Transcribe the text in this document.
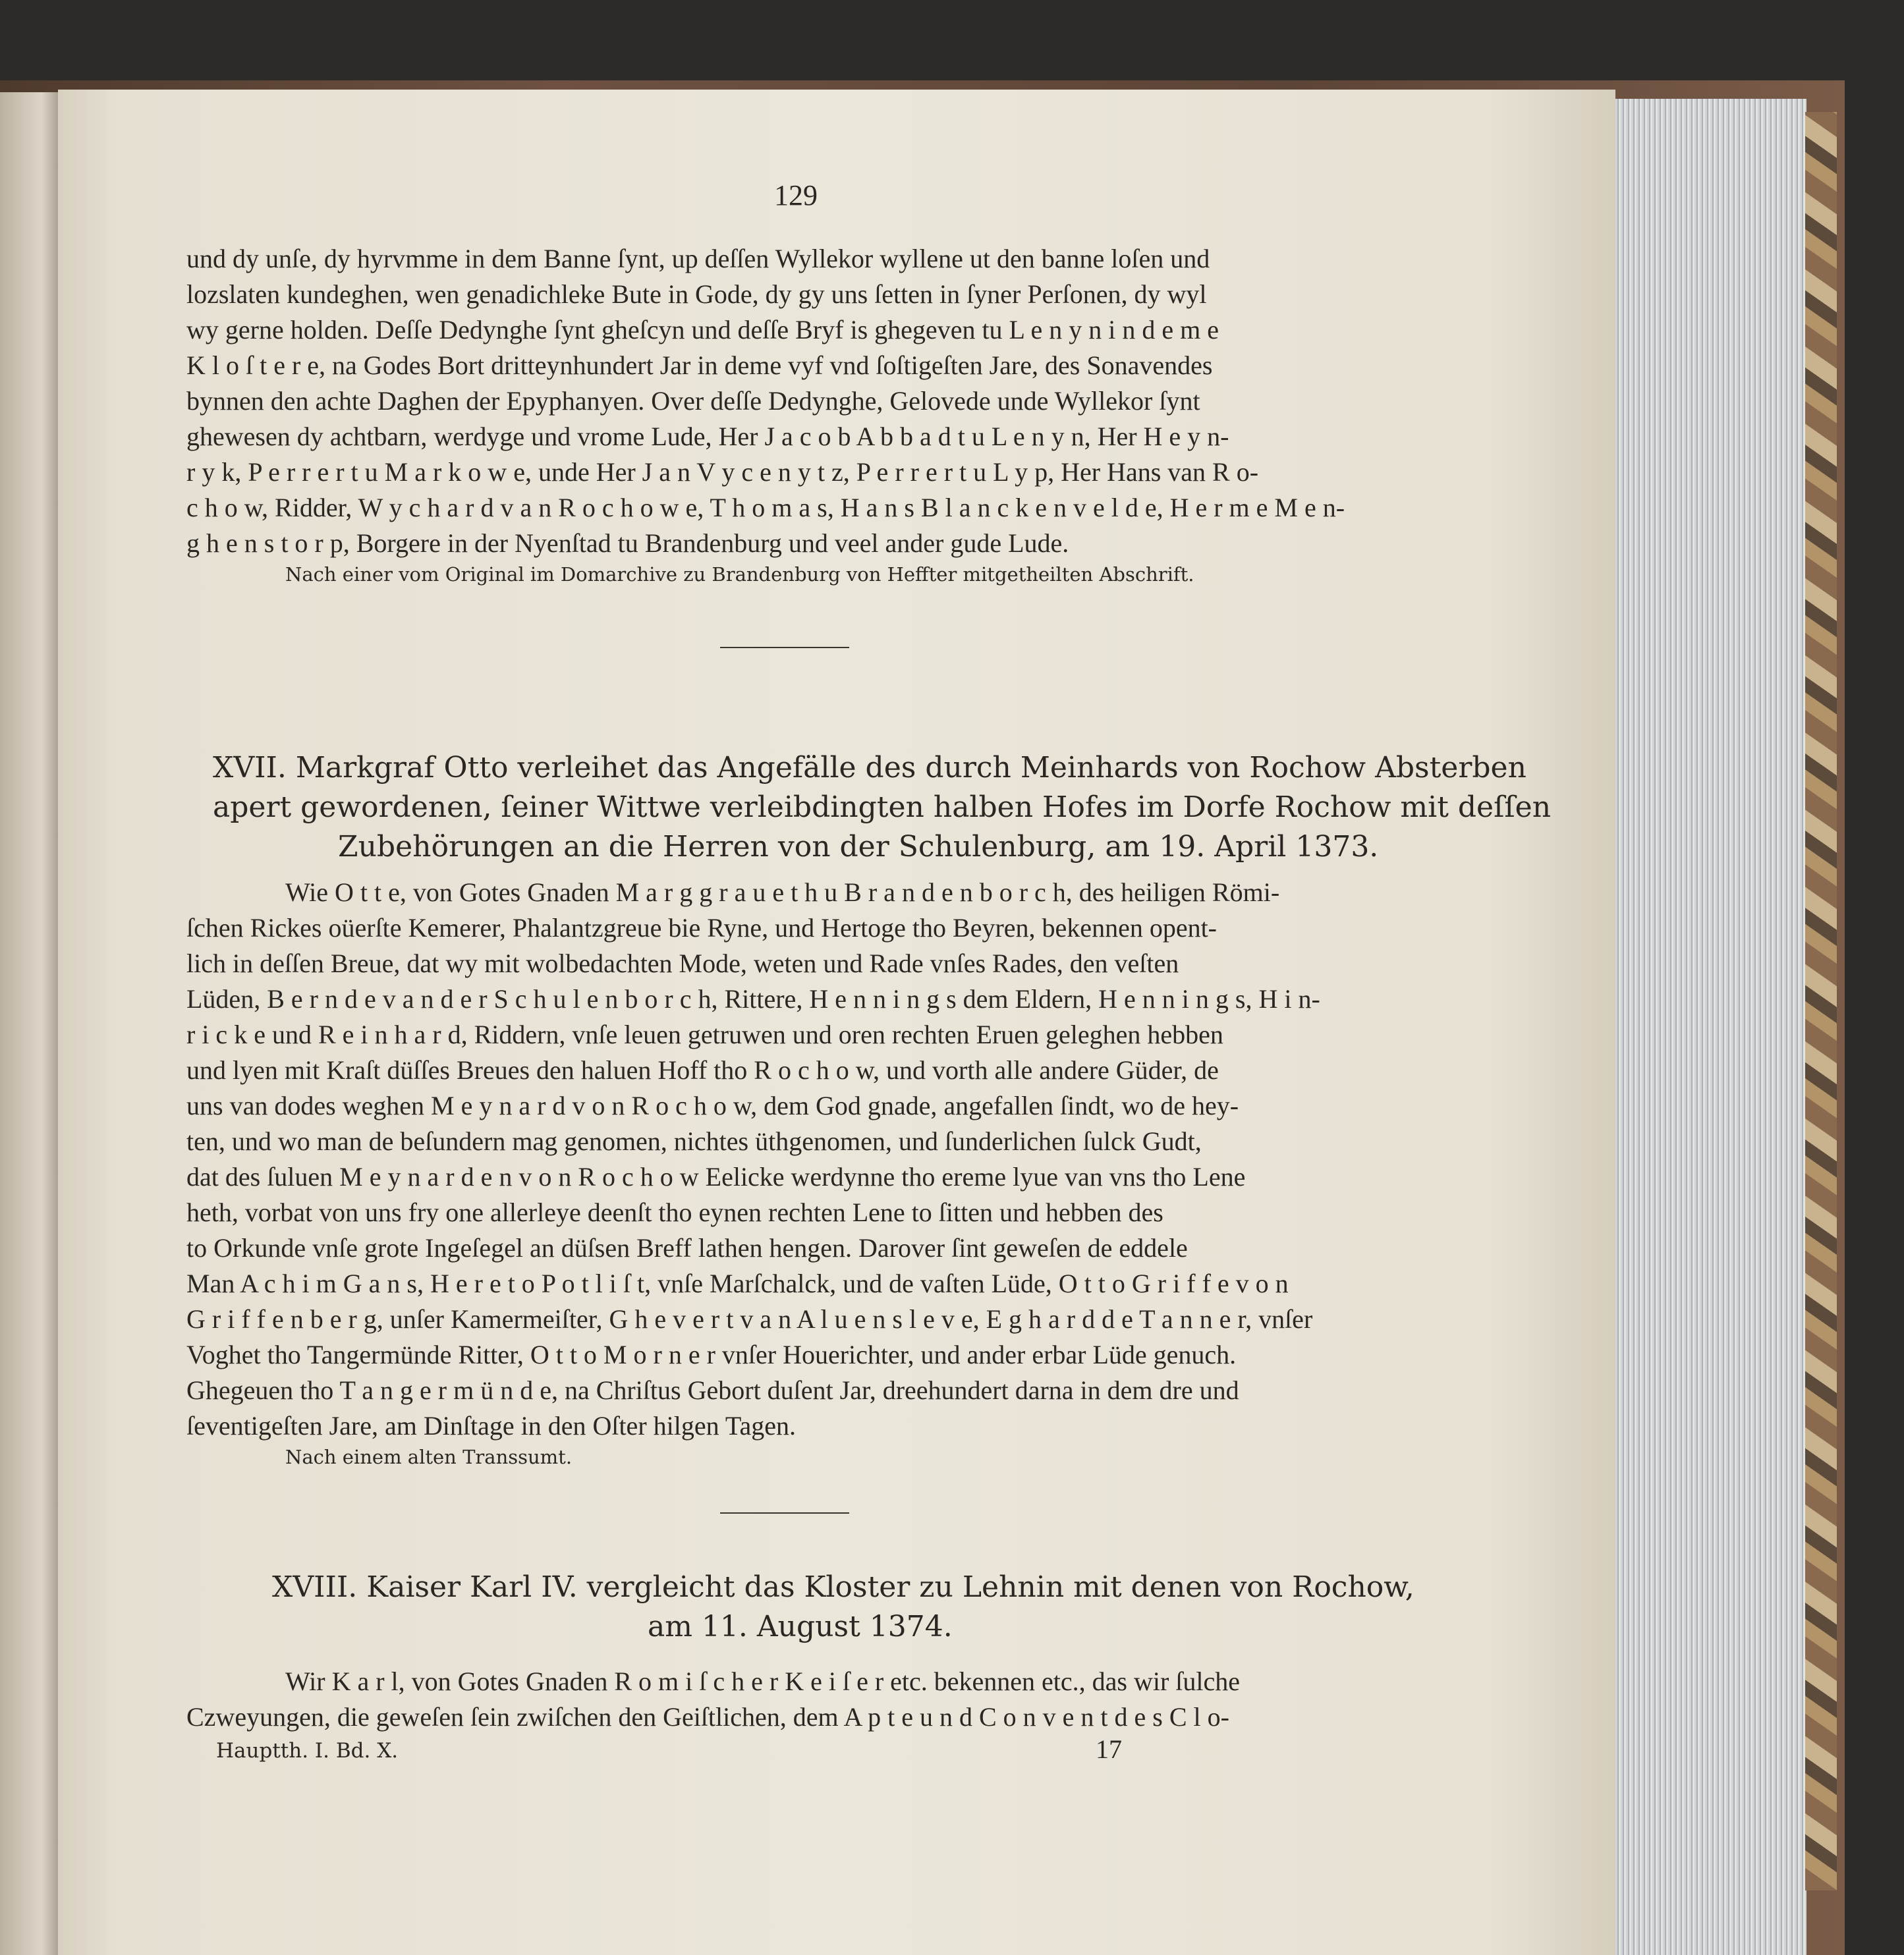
129
und dy unſe, dy hyrvmme in dem Banne ſynt, up deſſen Wyllekor wyllene ut den banne loſen und
lozslaten kundeghen, wen genadichleke Bute in Gode, dy gy uns ſetten in ſyner Perſonen, dy wyl
wy gerne holden. Deſſe Dedynghe ſynt gheſcyn und deſſe Bryf is ghegeven tu L e n y n i n d e m e
K l o ſ t e r e, na Godes Bort dritteynhundert Jar in deme vyf vnd ſoſtigeſten Jare, des Sonavendes
bynnen den achte Daghen der Epyphanyen. Over deſſe Dedynghe, Gelovede unde Wyllekor ſynt
ghewesen dy achtbarn, werdyge und vrome Lude, Her J a c o b A b b a d t u L e n y n, Her H e y n-
r y k, P e r r e r t u M a r k o w e, unde Her J a n V y c e n y t z, P e r r e r t u L y p, Her Hans van R o-
c h o w, Ridder, W y c h a r d v a n R o c h o w e, T h o m a s, H a n s B l a n c k e n v e l d e, H e r m e M e n-
g h e n s t o r p, Borgere in der Nyenſtad tu Brandenburg und veel ander gude Lude.
Nach einer vom Original im Domarchive zu Brandenburg von Heffter mitgetheilten Abschrift.
XVII. Markgraf Otto verleihet das Angefälle des durch Meinhards von Rochow Absterben
apert gewordenen, ſeiner Wittwe verleibdingten halben Hofes im Dorfe Rochow mit deſſen
Zubehörungen an die Herren von der Schulenburg, am 19. April 1373.
Wie O t t e, von Gotes Gnaden M a r g g r a u e t h u B r a n d e n b o r c h, des heiligen Römi-
ſchen Rickes oüerſte Kemerer, Phalantzgreue bie Ryne, und Hertoge tho Beyren, bekennen opent-
lich in deſſen Breue, dat wy mit wolbedachten Mode, weten und Rade vnſes Rades, den veſten
Lüden, B e r n d e v a n d e r S c h u l e n b o r c h, Rittere, H e n n i n g s dem Eldern, H e n n i n g s, H i n-
r i c k e und R e i n h a r d, Riddern, vnſe leuen getruwen und oren rechten Eruen geleghen hebben
und lyen mit Kraſt düſſes Breues den haluen Hoff tho R o c h o w, und vorth alle andere Güder, de
uns van dodes weghen M e y n a r d v o n R o c h o w, dem God gnade, angefallen ſindt, wo de hey-
ten, und wo man de beſundern mag genomen, nichtes üthgenomen, und ſunderlichen ſulck Gudt,
dat des ſuluen M e y n a r d e n v o n R o c h o w Eelicke werdynne tho ereme lyue van vns tho Lene
heth, vorbat von uns fry one allerleye deenſt tho eynen rechten Lene to ſitten und hebben des
to Orkunde vnſe grote Ingeſegel an düſsen Breff lathen hengen. Darover ſint geweſen de eddele
Man A c h i m G a n s, H e r e t o P o t l i ſ t, vnſe Marſchalck, und de vaſten Lüde, O t t o G r i f f e v o n
G r i f f e n b e r g, unſer Kamermeiſter, G h e v e r t v a n A l u e n s l e v e, E g h a r d d e T a n n e r, vnſer
Voghet tho Tangermünde Ritter, O t t o M o r n e r vnſer Houerichter, und ander erbar Lüde genuch.
Ghegeuen tho T a n g e r m ü n d e, na Chriſtus Gebort duſent Jar, dreehundert darna in dem dre und
ſeventigeſten Jare, am Dinſtage in den Oſter hilgen Tagen.
Nach einem alten Transsumt.
XVIII. Kaiser Karl IV. vergleicht das Kloster zu Lehnin mit denen von Rochow,
am 11. August 1374.
Wir K a r l, von Gotes Gnaden R o m i ſ c h e r K e i ſ e r etc. bekennen etc., das wir ſulche
Czweyungen, die geweſen ſein zwiſchen den Geiſtlichen, dem A p t e u n d C o n v e n t d e s C l o-
Hauptth. I. Bd. X.	17
